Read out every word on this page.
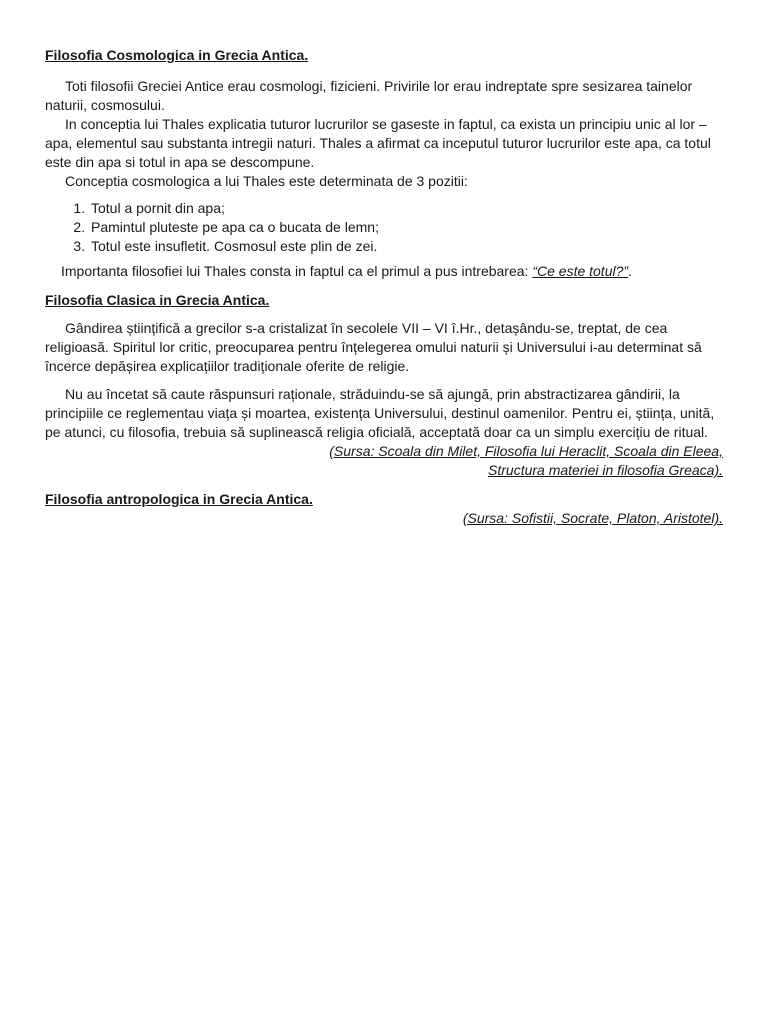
Filosofia Cosmologica in Grecia Antica.

Toti filosofii Greciei Antice erau cosmologi, fizicieni. Privirile lor erau indreptate spre sesizarea tainelor naturii, cosmosului.

In conceptia lui Thales explicatia tuturor lucrurilor se gaseste in faptul, ca exista un principiu unic al lor – apa, elementul sau substanta intregii naturi. Thales a afirmat ca inceputul tuturor lucrurilor este apa, ca totul este din apa si totul in apa se descompune.

Conceptia cosmologica a lui Thales este determinata de 3 pozitii:

1. Totul a pornit din apa;
2. Pamintul pluteste pe apa ca o bucata de lemn;
3. Totul este insufletit. Cosmosul este plin de zei.

Importanta filosofiei lui Thales consta in faptul ca el primul a pus intrebarea: “Ce este totul?”.

Filosofia Clasica in Grecia Antica.

Gândirea științifică a grecilor s-a cristalizat în secolele VII – VI î.Hr., detașându-se, treptat, de cea religioasă. Spiritul lor critic, preocuparea pentru înțelegerea omului naturii și Universului i-au determinat să încerce depășirea explicațiilor tradiționale oferite de religie.

Nu au încetat să caute răspunsuri raționale, străduindu-se să ajungă, prin abstractizarea gândirii, la principiile ce reglementau viața și moartea, existența Universului, destinul oamenilor. Pentru ei, știința, unită, pe atunci, cu filosofia, trebuia să suplinească religia oficială, acceptată doar ca un simplu exercițiu de ritual.

(Sursa: Scoala din Milet, Filosofia lui Heraclit, Scoala din Eleea,
Structura materiei in filosofia Greaca).

Filosofia antropologica in Grecia Antica.

(Sursa: Sofistii, Socrate, Platon, Aristotel).
